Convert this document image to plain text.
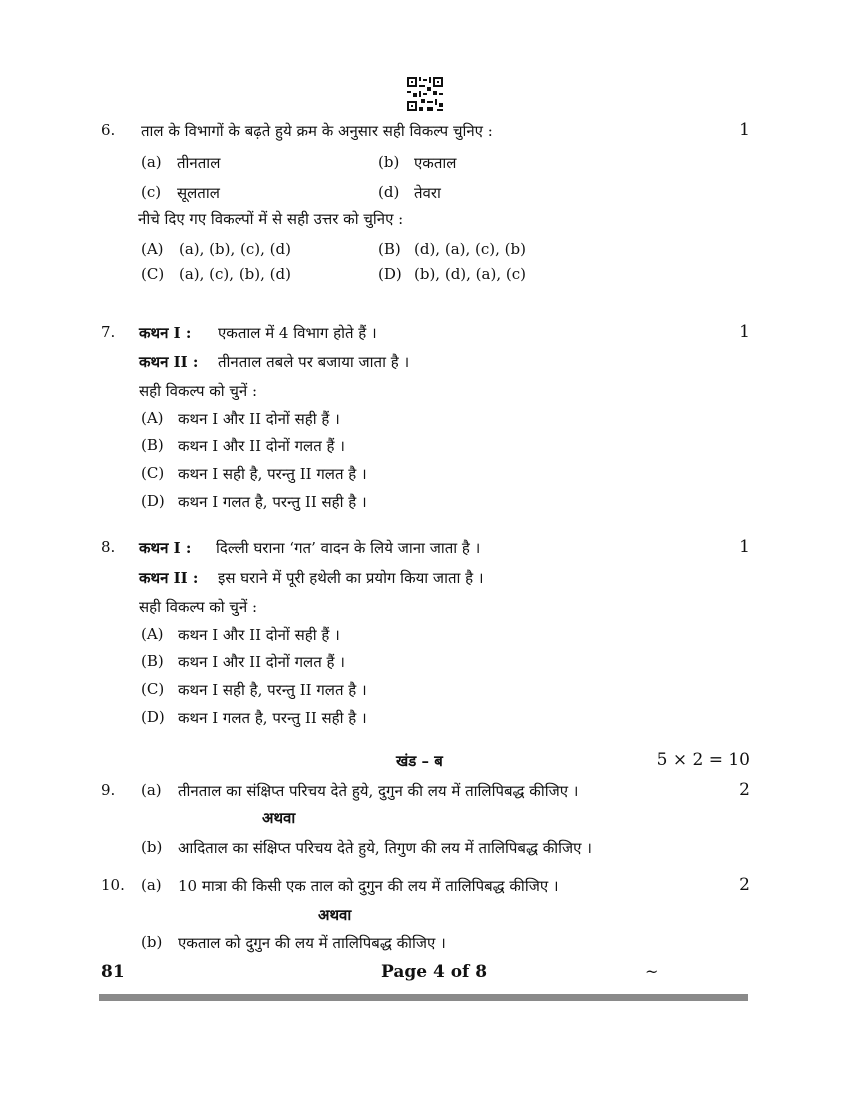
6. ताल के विभागों के बढ़ते हुये क्रम के अनुसार सही विकल्प चुनिए :	1
(a) तीनताल	(b) एकताल
(c) सूलताल	(d) तेवरा
नीचे दिए गए विकल्पों में से सही उत्तर को चुनिए :
(A) (a), (b), (c), (d)	(B) (d), (a), (c), (b)
(C) (a), (c), (b), (d)	(D) (b), (d), (a), (c)
7. कथन I : एकताल में 4 विभाग होते हैं ।	1
कथन II : तीनताल तबले पर बजाया जाता है ।
सही विकल्प को चुनें :
(A) कथन I और II दोनों सही हैं ।
(B) कथन I और II दोनों गलत हैं ।
(C) कथन I सही है, परन्तु II गलत है ।
(D) कथन I गलत है, परन्तु II सही है ।
8. कथन I : दिल्ली घराना ‘गत’ वादन के लिये जाना जाता है ।	1
कथन II : इस घराने में पूरी हथेली का प्रयोग किया जाता है ।
सही विकल्प को चुनें :
(A) कथन I और II दोनों सही हैं ।
(B) कथन I और II दोनों गलत हैं ।
(C) कथन I सही है, परन्तु II गलत है ।
(D) कथन I गलत है, परन्तु II सही है ।
खंड – ब	5 × 2 = 10
9. (a) तीनताल का संक्षिप्त परिचय देते हुये, दुगुन की लय में तालिपिबद्ध कीजिए ।	2
अथवा
(b) आदिताल का संक्षिप्त परिचय देते हुये, तिगुण की लय में तालिपिबद्ध कीजिए ।
10. (a) 10 मात्रा की किसी एक ताल को दुगुन की लय में तालिपिबद्ध कीजिए ।	2
अथवा
(b) एकताल को दुगुन की लय में तालिपिबद्ध कीजिए ।
81	Page 4 of 8	~
